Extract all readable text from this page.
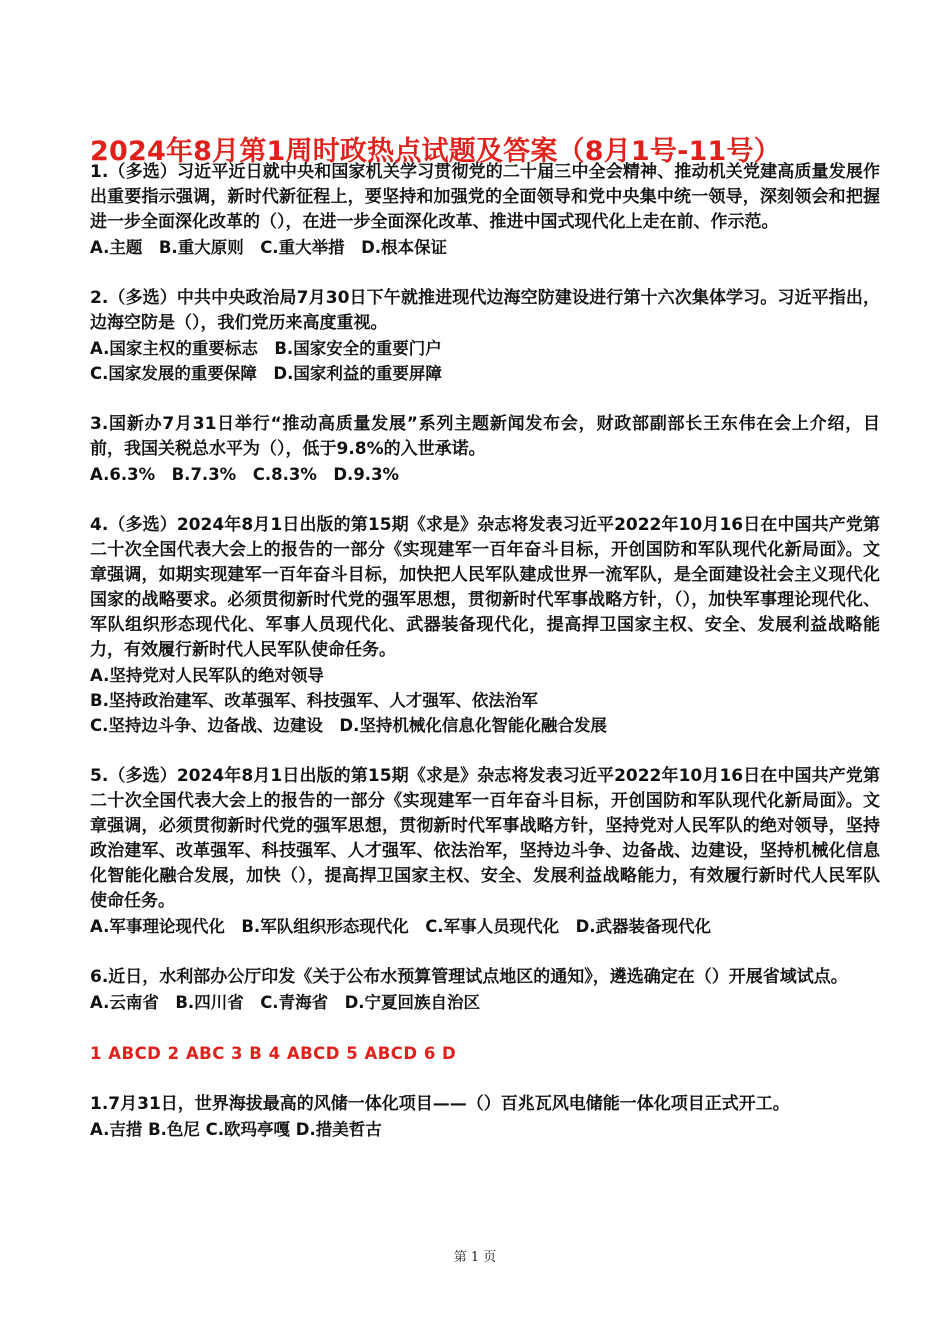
2024年8月第1周时政热点试题及答案（8月1号-11号）

1.（多选）习近平近日就中央和国家机关学习贯彻党的二十届三中全会精神、推动机关党建高质量发展作出重要指示强调，新时代新征程上，要坚持和加强党的全面领导和党中央集中统一领导，深刻领会和把握进一步全面深化改革的（），在进一步全面深化改革、推进中国式现代化上走在前、作示范。

A.主题　B.重大原则　C.重大举措　D.根本保证

2.（多选）中共中央政治局7月30日下午就推进现代边海空防建设进行第十六次集体学习。习近平指出，边海空防是（），我们党历来高度重视。

A.国家主权的重要标志　B.国家安全的重要门户

C.国家发展的重要保障　D.国家利益的重要屏障

3.国新办7月31日举行“推动高质量发展”系列主题新闻发布会，财政部副部长王东伟在会上介绍，目前，我国关税总水平为（），低于9.8%的入世承诺。

A.6.3%　B.7.3%　C.8.3%　D.9.3%

4.（多选）2024年8月1日出版的第15期《求是》杂志将发表习近平2022年10月16日在中国共产党第二十次全国代表大会上的报告的一部分《实现建军一百年奋斗目标，开创国防和军队现代化新局面》。文章强调，如期实现建军一百年奋斗目标，加快把人民军队建成世界一流军队，是全面建设社会主义现代化国家的战略要求。必须贯彻新时代党的强军思想，贯彻新时代军事战略方针，（），加快军事理论现代化、军队组织形态现代化、军事人员现代化、武器装备现代化，提高捍卫国家主权、安全、发展利益战略能力，有效履行新时代人民军队使命任务。

A.坚持党对人民军队的绝对领导

B.坚持政治建军、改革强军、科技强军、人才强军、依法治军

C.坚持边斗争、边备战、边建设　D.坚持机械化信息化智能化融合发展

5.（多选）2024年8月1日出版的第15期《求是》杂志将发表习近平2022年10月16日在中国共产党第二十次全国代表大会上的报告的一部分《实现建军一百年奋斗目标，开创国防和军队现代化新局面》。文章强调，必须贯彻新时代党的强军思想，贯彻新时代军事战略方针，坚持党对人民军队的绝对领导，坚持政治建军、改革强军、科技强军、人才强军、依法治军，坚持边斗争、边备战、边建设，坚持机械化信息化智能化融合发展，加快（），提高捍卫国家主权、安全、发展利益战略能力，有效履行新时代人民军队使命任务。

A.军事理论现代化　B.军队组织形态现代化　C.军事人员现代化　D.武器装备现代化

6.近日，水利部办公厅印发《关于公布水预算管理试点地区的通知》，遴选确定在（）开展省域试点。

A.云南省　B.四川省　C.青海省　D.宁夏回族自治区

1 ABCD 2 ABC 3 B 4 ABCD 5 ABCD 6 D

1.7月31日，世界海拔最高的风储一体化项目——（）百兆瓦风电储能一体化项目正式开工。

A.吉措 B.色尼 C.欧玛亭嘎 D.措美哲古

第 1 页
